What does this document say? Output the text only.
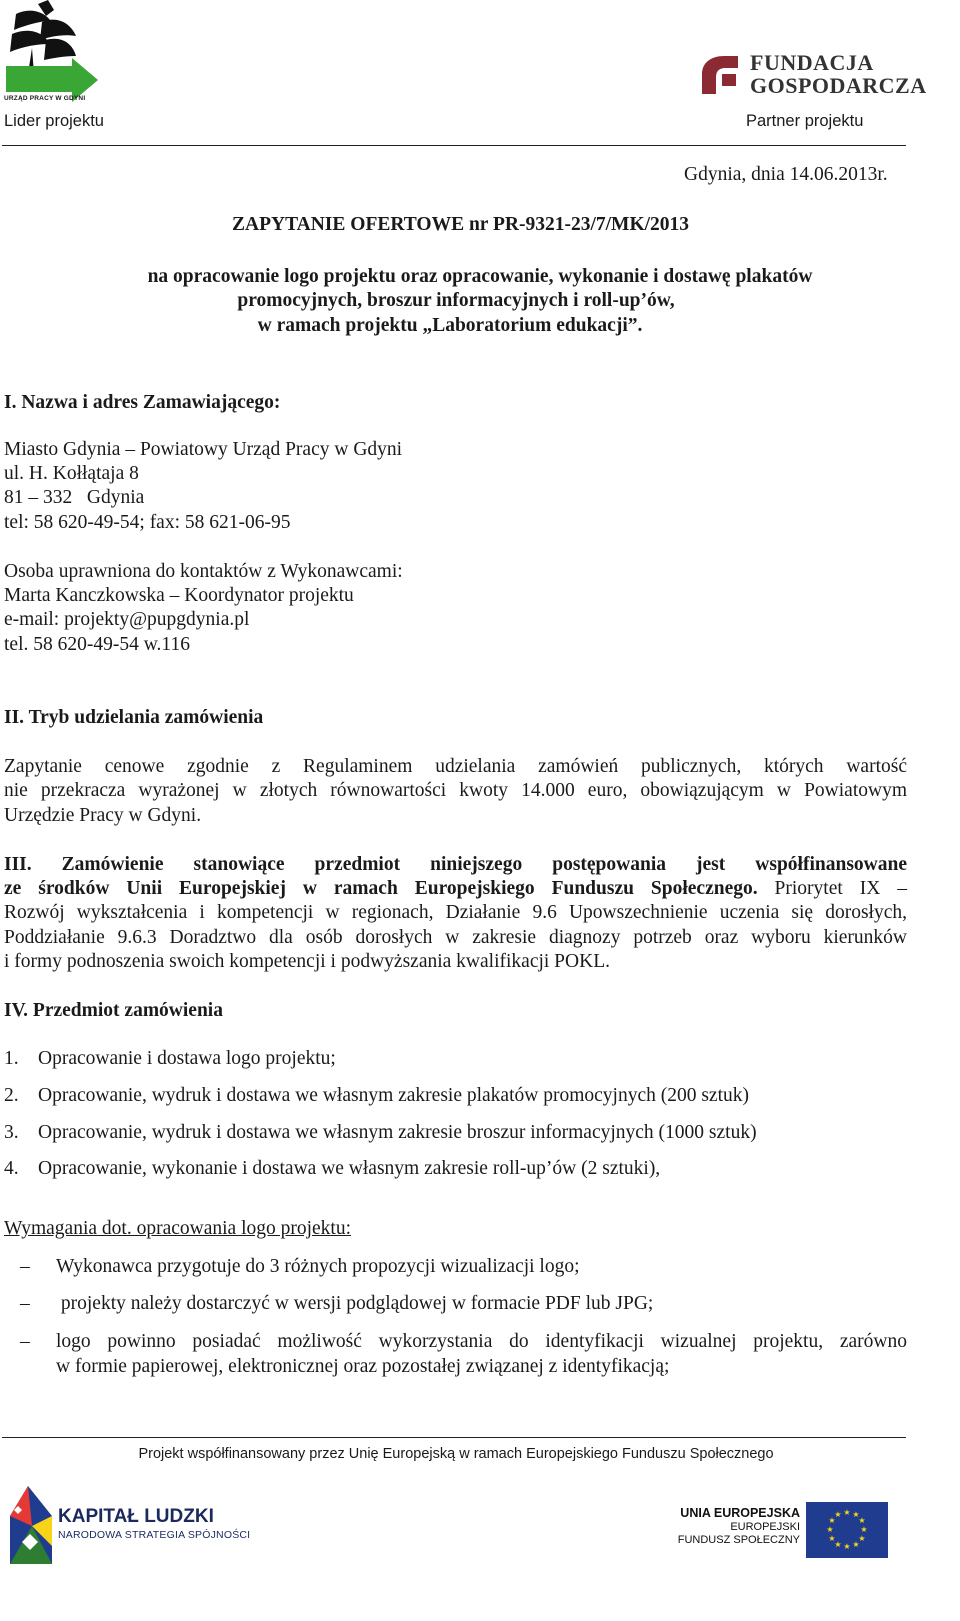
URZĄD PRACY W GDYNI
Lider projektu
FUNDACJA
GOSPODARCZA
Partner projektu
Gdynia, dnia 14.06.2013r.
ZAPYTANIE OFERTOWE nr PR-9321-23/7/MK/2013
na opracowanie logo projektu oraz opracowanie, wykonanie i dostawę plakatów
promocyjnych, broszur informacyjnych i roll-up’ów,
w ramach projektu „Laboratorium edukacji”.
I. Nazwa i adres Zamawiającego:
Miasto Gdynia – Powiatowy Urząd Pracy w Gdyni
ul. H. Kołłątaja 8
81 – 332   Gdynia
tel: 58 620-49-54; fax: 58 621-06-95
Osoba uprawniona do kontaktów z Wykonawcami:
Marta Kanczkowska – Koordynator projektu
e-mail: projekty@pupgdynia.pl
tel. 58 620-49-54 w.116
II. Tryb udzielania zamówienia
Zapytanie cenowe zgodnie z Regulaminem udzielania zamówień publicznych, których wartość
nie przekracza wyrażonej w złotych równowartości kwoty 14.000 euro, obowiązującym w Powiatowym
Urzędzie Pracy w Gdyni.
III. Zamówienie stanowiące przedmiot niniejszego postępowania jest współfinansowane
ze środków Unii Europejskiej w ramach Europejskiego Funduszu Społecznego. Priorytet IX –
Rozwój wykształcenia i kompetencji w regionach, Działanie 9.6 Upowszechnienie uczenia się dorosłych,
Poddziałanie 9.6.3 Doradztwo dla osób dorosłych w zakresie diagnozy potrzeb oraz wyboru kierunków
i formy podnoszenia swoich kompetencji i podwyższania kwalifikacji POKL.
IV. Przedmiot zamówienia
1. Opracowanie i dostawa logo projektu;
2. Opracowanie, wydruk i dostawa we własnym zakresie plakatów promocyjnych (200 sztuk)
3. Opracowanie, wydruk i dostawa we własnym zakresie broszur informacyjnych (1000 sztuk)
4. Opracowanie, wykonanie i dostawa we własnym zakresie roll-up’ów (2 sztuki),
Wymagania dot. opracowania logo projektu:
– Wykonawca przygotuje do 3 różnych propozycji wizualizacji logo;
– projekty należy dostarczyć w wersji podglądowej w formacie PDF lub JPG;
– logo powinno posiadać możliwość wykorzystania do identyfikacji wizualnej projektu, zarówno
w formie papierowej, elektronicznej oraz pozostałej związanej z identyfikacją;
Projekt współfinansowany przez Unię Europejską w ramach Europejskiego Funduszu Społecznego
KAPITAŁ LUDZKI
NARODOWA STRATEGIA SPÓJNOŚCI
UNIA EUROPEJSKA
EUROPEJSKI
FUNDUSZ SPOŁECZNY
★ ★
★
★
★
★
★
★
★
★
★
★
